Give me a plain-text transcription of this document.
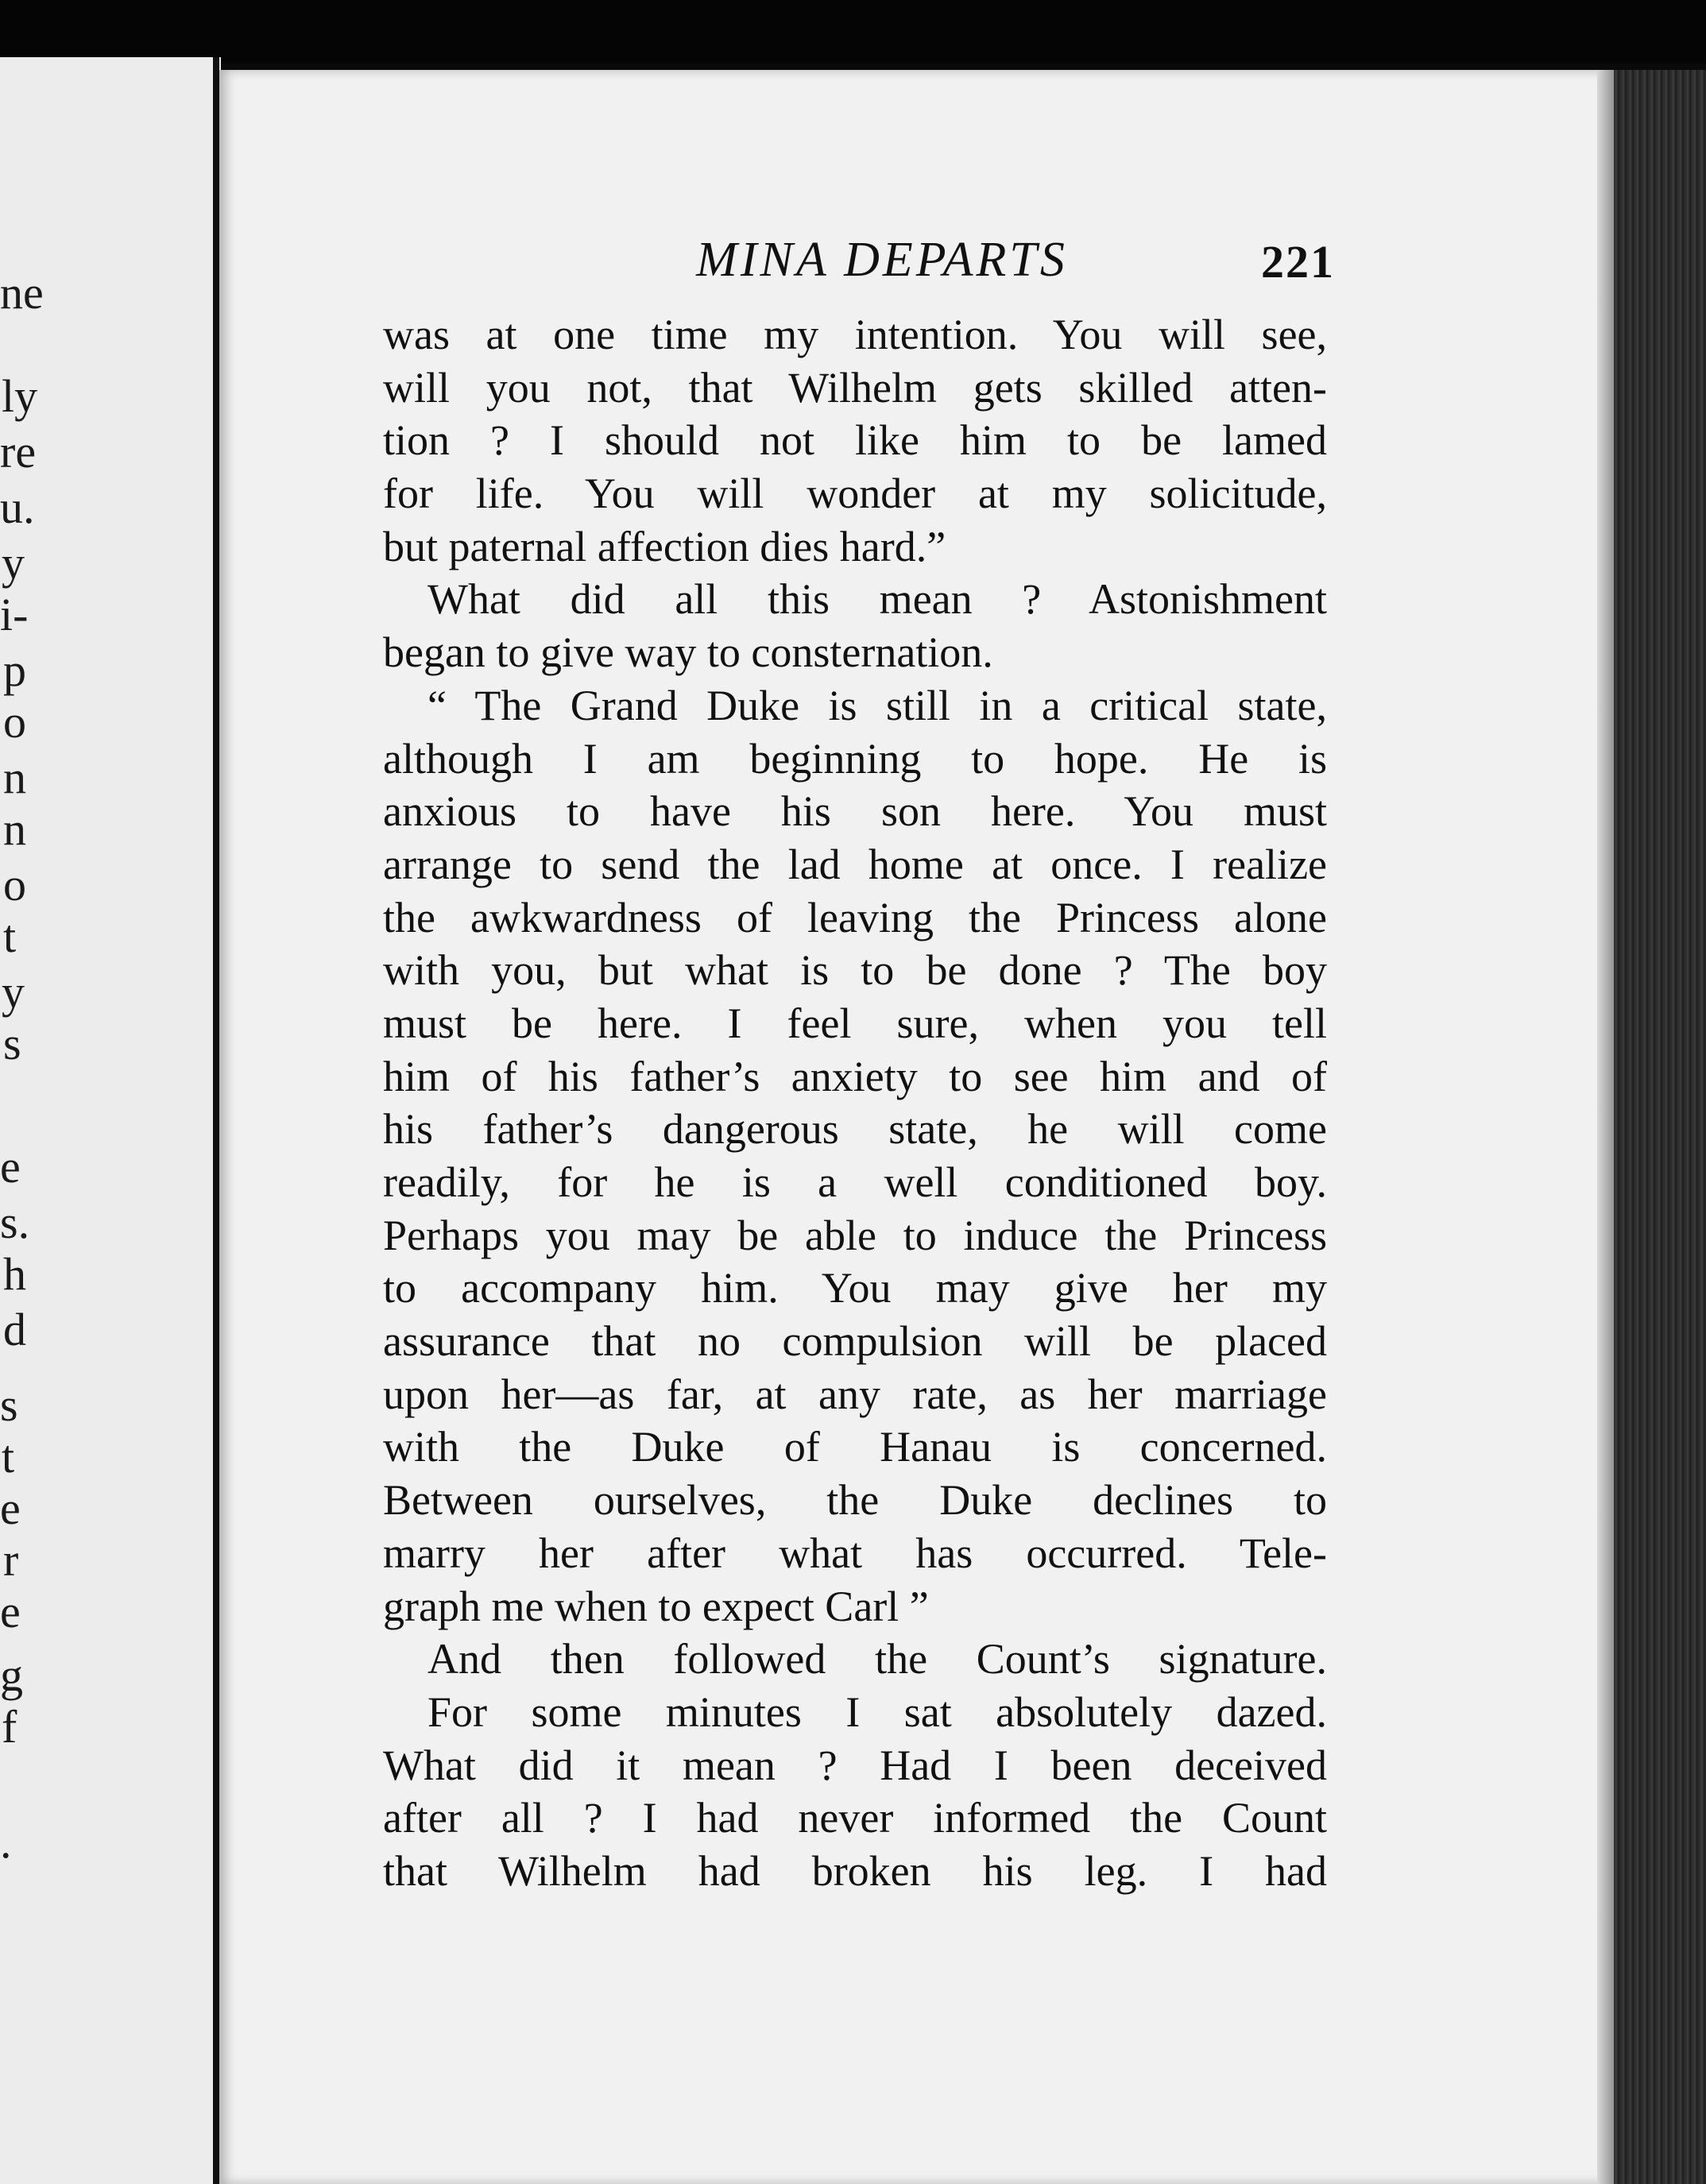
ne
ly
re
u.
y
i-
p
o
n
n
o
t
y
s
e
s.
h
d
s
t
e
r
e
g
f
.
MINA DEPARTS	221
was at one time my intention. You will see,
will you not, that Wilhelm gets skilled atten-
tion ? I should not like him to be lamed
for life. You will wonder at my solicitude,
but paternal affection dies hard.”
What did all this mean ? Astonishment
began to give way to consternation.
“ The Grand Duke is still in a critical state,
although I am beginning to hope. He is
anxious to have his son here. You must
arrange to send the lad home at once. I realize
the awkwardness of leaving the Princess alone
with you, but what is to be done ? The boy
must be here. I feel sure, when you tell
him of his father’s anxiety to see him and of
his father’s dangerous state, he will come
readily, for he is a well conditioned boy.
Perhaps you may be able to induce the Princess
to accompany him. You may give her my
assurance that no compulsion will be placed
upon her—as far, at any rate, as her marriage
with the Duke of Hanau is concerned.
Between ourselves, the Duke declines to
marry her after what has occurred. Tele-
graph me when to expect Carl ”
And then followed the Count’s signature.
For some minutes I sat absolutely dazed.
What did it mean ? Had I been deceived
after all ? I had never informed the Count
that Wilhelm had broken his leg. I had
